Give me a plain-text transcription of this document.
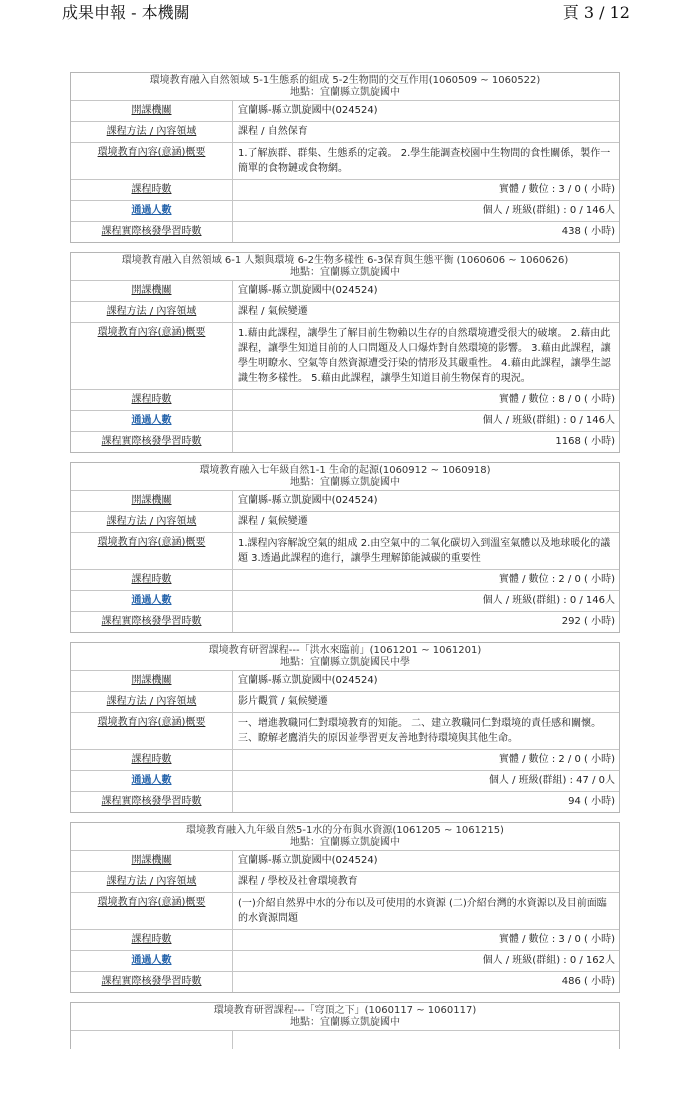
成果申報 - 本機關	頁 3 / 12
環境教育融入自然領域 5-1生態系的組成 5-2生物間的交互作用(1060509 ~ 1060522)
地點：宜蘭縣立凱旋國中
開課機關	宜蘭縣-縣立凱旋國中(024524)
課程方法 / 內容領域	課程 / 自然保育
環境教育內容(意涵)概要	1.了解族群、群集、生態系的定義。 2.學生能調查校園中生物間的食性關係，製作一簡單的食物鏈或食物網。
課程時數	實體 / 數位 : 3 / 0 ( 小時)
通過人數	個人 / 班級(群組) : 0 / 146人
課程實際核發學習時數	438 ( 小時)
環境教育融入自然領域 6-1 人類與環境 6-2生物多樣性 6-3保育與生態平衡 (1060606 ~ 1060626)
地點：宜蘭縣立凱旋國中
開課機關	宜蘭縣-縣立凱旋國中(024524)
課程方法 / 內容領域	課程 / 氣候變遷
環境教育內容(意涵)概要	1.藉由此課程，讓學生了解目前生物賴以生存的自然環境遭受很大的破壞。 2.藉由此課程，讓學生知道目前的人口問題及人口爆炸對自然環境的影響。 3.藉由此課程，讓學生明瞭水、空氣等自然資源遭受汙染的情形及其嚴重性。 4.藉由此課程，讓學生認識生物多樣性。 5.藉由此課程，讓學生知道目前生物保育的現況。
課程時數	實體 / 數位 : 8 / 0 ( 小時)
通過人數	個人 / 班級(群組) : 0 / 146人
課程實際核發學習時數	1168 ( 小時)
環境教育融入七年級自然1-1 生命的起源(1060912 ~ 1060918)
地點：宜蘭縣立凱旋國中
開課機關	宜蘭縣-縣立凱旋國中(024524)
課程方法 / 內容領域	課程 / 氣候變遷
環境教育內容(意涵)概要	1.課程內容解說空氣的組成 2.由空氣中的二氧化碳切入到溫室氣體以及地球暖化的議題 3.透過此課程的進行，讓學生理解節能減碳的重要性
課程時數	實體 / 數位 : 2 / 0 ( 小時)
通過人數	個人 / 班級(群組) : 0 / 146人
課程實際核發學習時數	292 ( 小時)
環境教育研習課程---「洪水來臨前」(1061201 ~ 1061201)
地點：宜蘭縣立凱旋國民中學
開課機關	宜蘭縣-縣立凱旋國中(024524)
課程方法 / 內容領域	影片觀賞 / 氣候變遷
環境教育內容(意涵)概要	一、增進教職同仁對環境教育的知能。 二、建立教職同仁對環境的責任感和關懷。 三、瞭解老鷹消失的原因並學習更友善地對待環境與其他生命。
課程時數	實體 / 數位 : 2 / 0 ( 小時)
通過人數	個人 / 班級(群組) : 47 / 0人
課程實際核發學習時數	94 ( 小時)
環境教育融入九年級自然5-1水的分布與水資源(1061205 ~ 1061215)
地點：宜蘭縣立凱旋國中
開課機關	宜蘭縣-縣立凱旋國中(024524)
課程方法 / 內容領域	課程 / 學校及社會環境教育
環境教育內容(意涵)概要	(一)介紹自然界中水的分布以及可使用的水資源 (二)介紹台灣的水資源以及目前面臨的水資源問題
課程時數	實體 / 數位 : 3 / 0 ( 小時)
通過人數	個人 / 班級(群組) : 0 / 162人
課程實際核發學習時數	486 ( 小時)
環境教育研習課程---「穹頂之下」(1060117 ~ 1060117)
地點：宜蘭縣立凱旋國中
